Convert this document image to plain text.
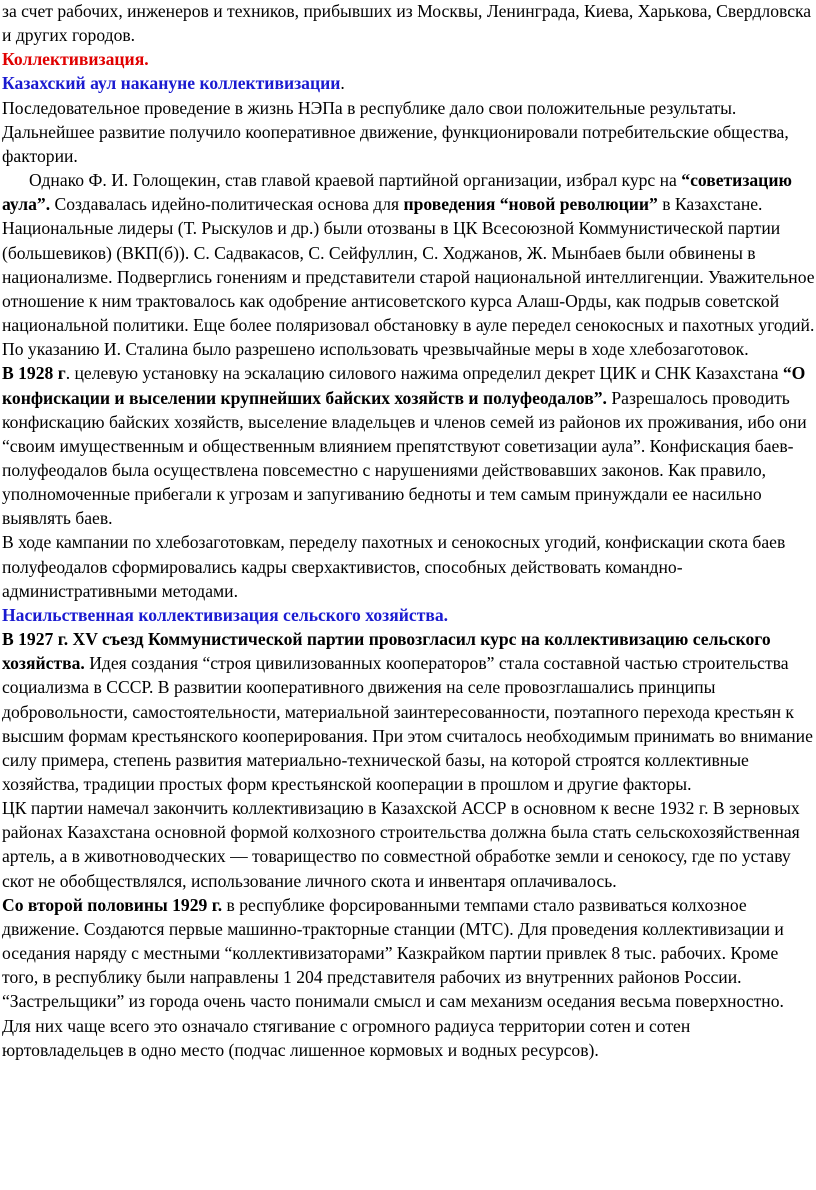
за счет рабочих, инженеров и техников, прибывших из Москвы, Ленинграда, Киева, Харькова, Свердловска и других городов.
Коллективизация.
Казахский аул накануне коллективизации.
Последовательное проведение в жизнь НЭПа в республике дало свои положительные результаты. Дальнейшее развитие получило кооперативное движение, функционировали потребительские общества, фактории.

Однако Ф. И. Голощекин, став главой краевой партийной организации, избрал курс на “советизацию аула”. Создавалась идейно-политическая основа для проведения “новой революции” в Казахстане. Национальные лидеры (Т. Рыскулов и др.) были отозваны в ЦК Всесоюзной Коммунистической партии (большевиков) (ВКП(б)). С. Садвакасов, С. Сейфуллин, С. Ходжанов, Ж. Мынбаев были обвинены в национализме. Подверглись гонениям и представители старой национальной интеллигенции. Уважительное отношение к ним трактовалось как одобрение антисоветского курса Алаш-Орды, как подрыв советской национальной политики. Еще более поляризовал обстановку в ауле передел сенокосных и пахотных угодий. По указанию И. Сталина было разрешено использовать чрезвычайные меры в ходе хлебозаготовок.

В 1928 г. целевую установку на эскалацию силового нажима определил декрет ЦИК и СНК Казахстана “О конфискации и выселении крупнейших байских хозяйств и полуфеодалов”. Разрешалось проводить конфискацию байских хозяйств, выселение владельцев и членов семей из районов их проживания, ибо они “своим имущественным и общественным влиянием препятствуют советизации аула”. Конфискация баев-полуфеодалов была осуществлена повсеместно с нарушениями действовавших законов. Как правило, уполномоченные прибегали к угрозам и запугиванию бедноты и тем самым принуждали ее насильно выявлять баев.

В ходе кампании по хлебозаготовкам, переделу пахотных и сенокосных угодий, конфискации скота баев полуфеодалов сформировались кадры сверхактивистов, способных действовать командно-административными методами.
Насильственная коллективизация сельского хозяйства.

В 1927 г. XV съезд Коммунистической партии провозгласил курс на коллективизацию сельского хозяйства. Идея создания “строя цивилизованных кооператоров” стала составной частью строительства социализма в СССР. В развитии кооперативного движения на селе провозглашались принципы добровольности, самостоятельности, материальной заинтересованности, поэтапного перехода крестьян к высшим формам крестьянского кооперирования. При этом считалось необходимым принимать во внимание силу примера, степень развития материально-технической базы, на которой строятся коллективные хозяйства, традиции простых форм крестьянской кооперации в прошлом и другие факторы.

ЦК партии намечал закончить коллективизацию в Казахской АССР в основном к весне 1932 г. В зерновых районах Казахстана основной формой колхозного строительства должна была стать сельскохозяйственная артель, а в животноводческих — товарищество по совместной обработке земли и сенокосу, где по уставу скот не обобществлялся, использование личного скота и инвентаря оплачивалось.

Со второй половины 1929 г. в республике форсированными темпами стало развиваться колхозное движение. Создаются первые машинно-тракторные станции (МТС). Для проведения коллективизации и оседания наряду с местными “коллективизаторами” Казкрайком партии привлек 8 тыс. рабочих. Кроме того, в республику были направлены 1 204 представителя рабочих из внутренних районов России. “Застрельщики” из города очень часто понимали смысл и сам механизм оседания весьма поверхностно. Для них чаще всего это означало стягивание с огромного радиуса территории сотен и сотен юртовладельцев в одно место (подчас лишенное кормовых и водных ресурсов).
